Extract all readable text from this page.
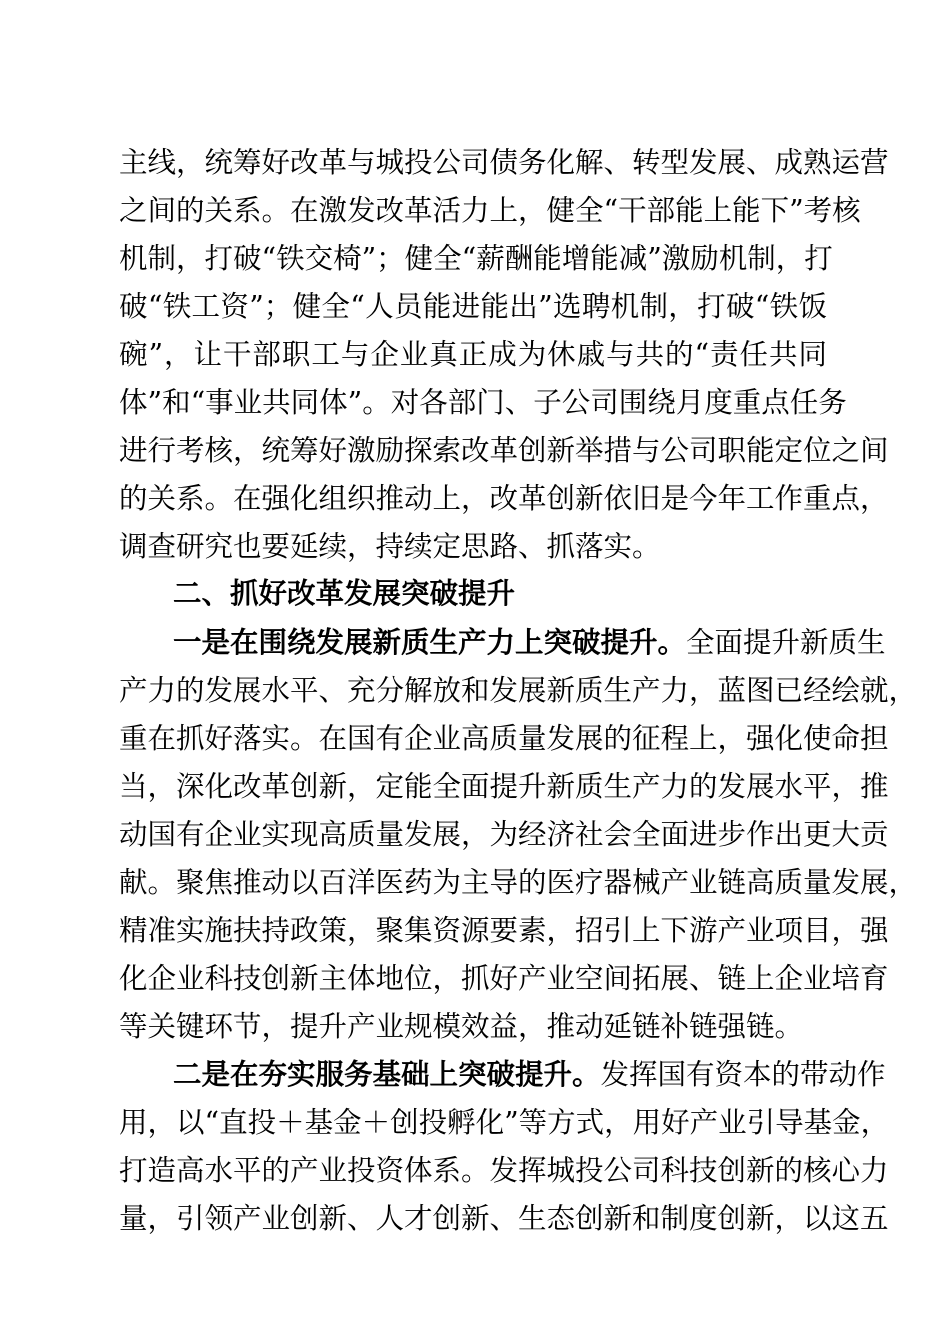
主线，统筹好改革与城投公司债务化解、转型发展、成熟运营
之间的关系。在激发改革活力上，健全“干部能上能下”考核
机制，打破“铁交椅”；健全“薪酬能增能减”激励机制，打
破“铁工资”；健全“人员能进能出”选聘机制，打破“铁饭
碗”，让干部职工与企业真正成为休戚与共的“责任共同
体”和“事业共同体”。对各部门、子公司围绕月度重点任务
进行考核，统筹好激励探索改革创新举措与公司职能定位之间
的关系。在强化组织推动上，改革创新依旧是今年工作重点，
调查研究也要延续，持续定思路、抓落实。
二、抓好改革发展突破提升
一是在围绕发展新质生产力上突破提升。全面提升新质生
产力的发展水平、充分解放和发展新质生产力，蓝图已经绘就，
重在抓好落实。在国有企业高质量发展的征程上，强化使命担
当，深化改革创新，定能全面提升新质生产力的发展水平，推
动国有企业实现高质量发展，为经济社会全面进步作出更大贡
献。聚焦推动以百洋医药为主导的医疗器械产业链高质量发展，
精准实施扶持政策，聚集资源要素，招引上下游产业项目，强
化企业科技创新主体地位，抓好产业空间拓展、链上企业培育
等关键环节，提升产业规模效益，推动延链补链强链。
二是在夯实服务基础上突破提升。发挥国有资本的带动作
用，以“直投＋基金＋创投孵化”等方式，用好产业引导基金，
打造高水平的产业投资体系。发挥城投公司科技创新的核心力
量，引领产业创新、人才创新、生态创新和制度创新，以这五
